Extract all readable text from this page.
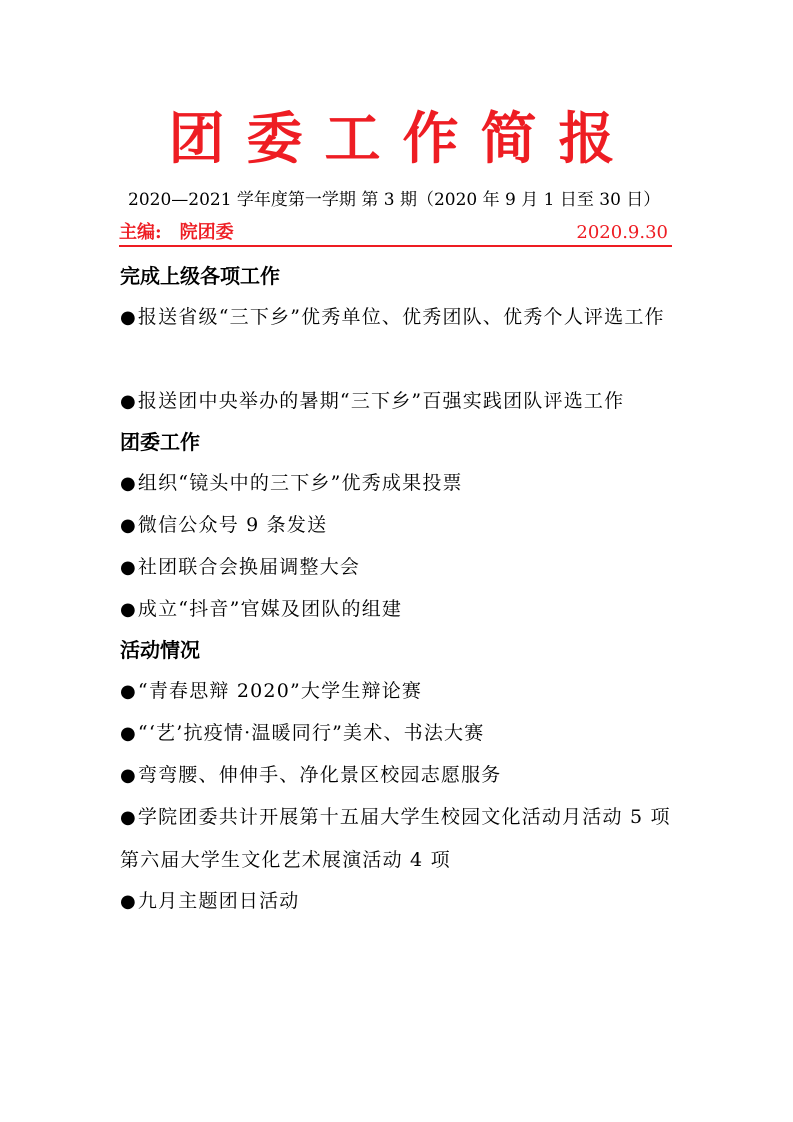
团委工作简报
2020—2021 学年度第一学期 第 3 期（2020 年 9 月 1 日至 30 日）
主编:　院团委	2020.9.30
完成上级各项工作
●报送省级“三下乡”优秀单位、优秀团队、优秀个人评选工作
●报送团中央举办的暑期“三下乡”百强实践团队评选工作
团委工作
●组织“镜头中的三下乡”优秀成果投票
●微信公众号 9 条发送
●社团联合会换届调整大会
●成立“抖音”官媒及团队的组建
活动情况
●“青春思辩 2020”大学生辩论赛
●“‘艺’抗疫情·温暖同行”美术、书法大赛
●弯弯腰、伸伸手、净化景区校园志愿服务
●学院团委共计开展第十五届大学生校园文化活动月活动 5 项第六届大学生文化艺术展演活动 4 项
●九月主题团日活动
